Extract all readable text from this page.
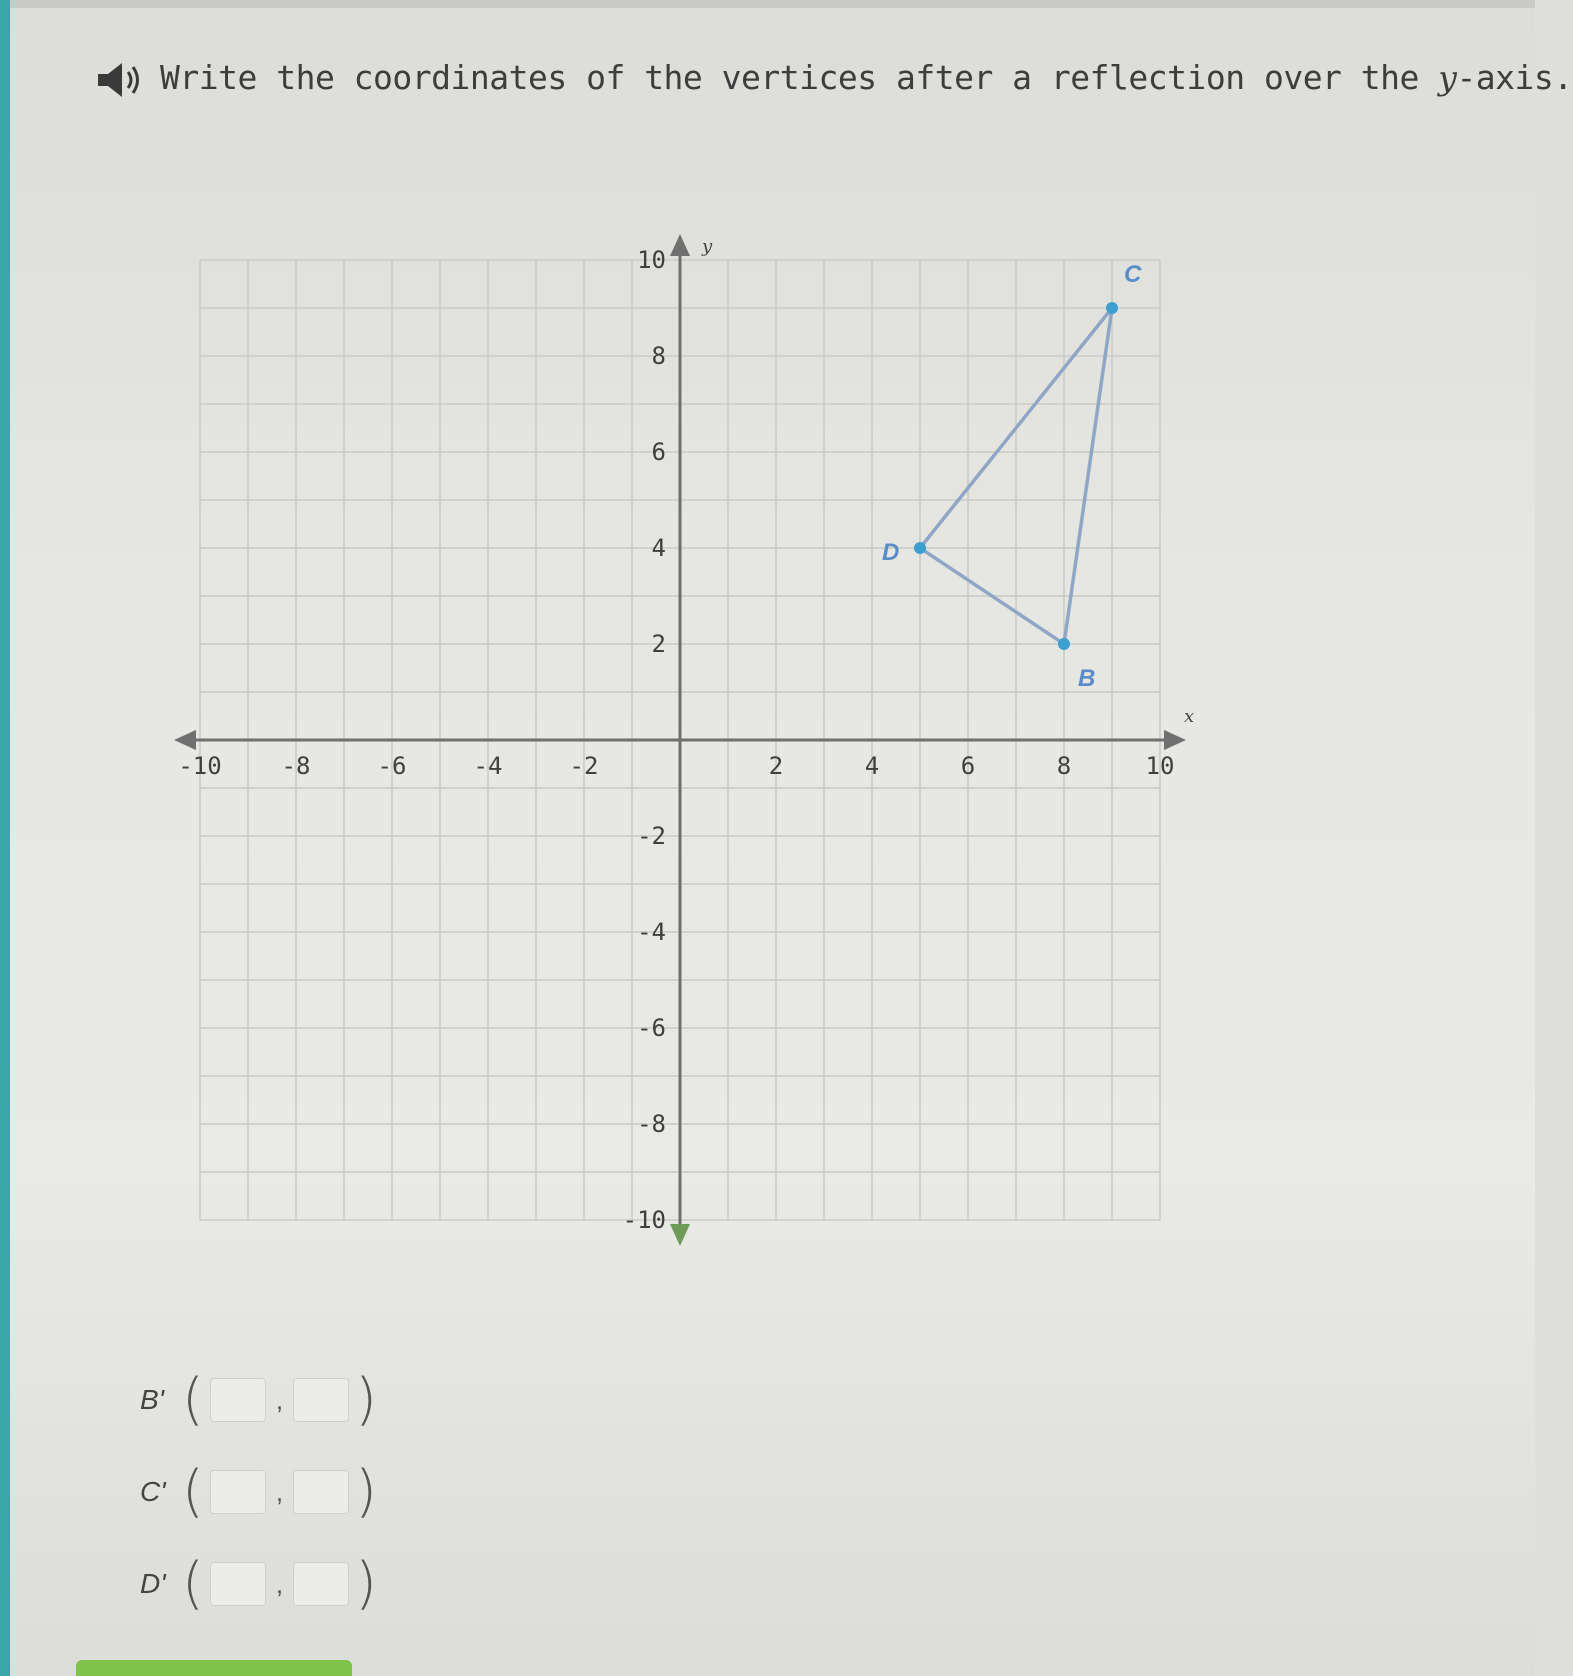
Write the coordinates of the vertices after a reflection over the y-axis.
x
y
-10 -8	-6	-4	-2	2	4	6	8	10
10
8
6
4
2
-2
-4
-6
-8
-10
B
C
D
B' (	, )
C' (	, )
D' (	, )
